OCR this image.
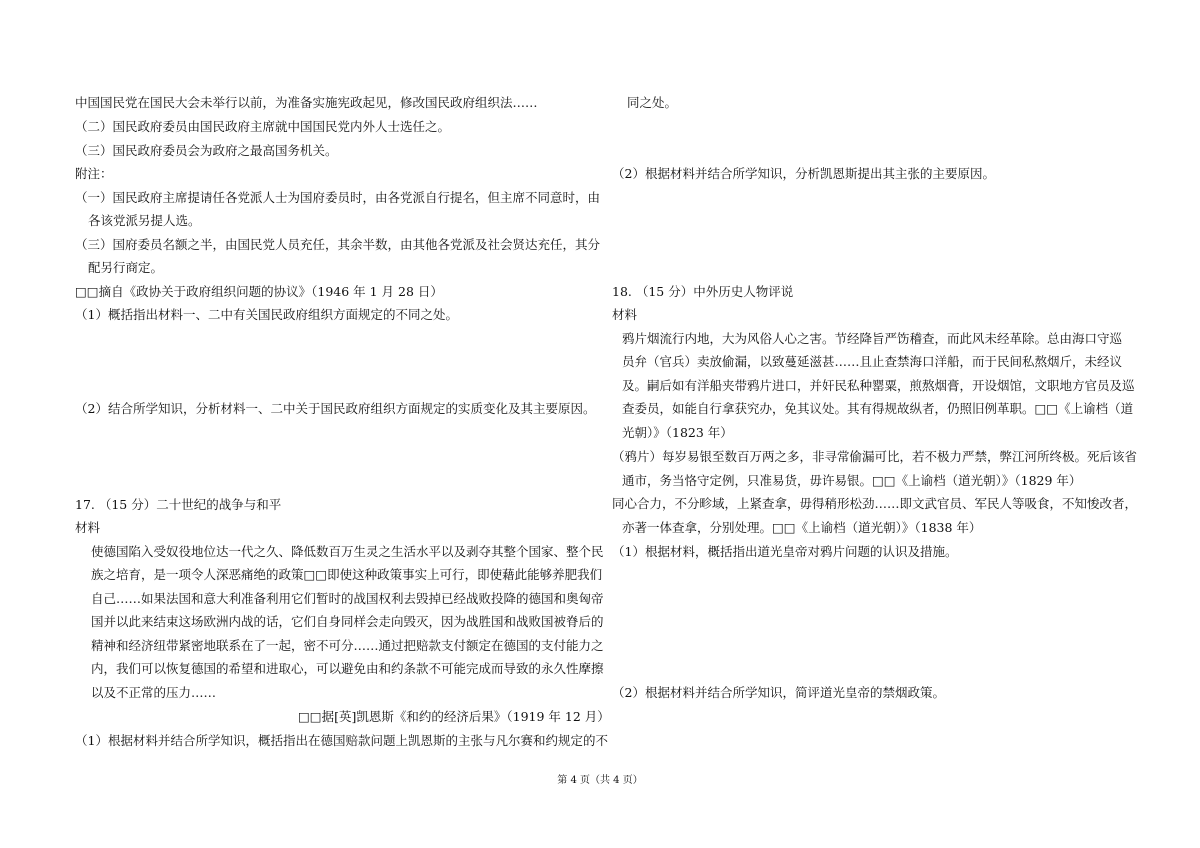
中国国民党在国民大会未举行以前，为准备实施宪政起见，修改国民政府组织法……
（二）国民政府委员由国民政府主席就中国国民党内外人士选任之。
（三）国民政府委员会为政府之最高国务机关。
附注：
（一）国民政府主席提请任各党派人士为国府委员时，由各党派自行提名，但主席不同意时，由
各该党派另提人选。
（三）国府委员名额之半，由国民党人员充任，其余半数，由其他各党派及社会贤达充任，其分
配另行商定。
□□摘自《政协关于政府组织问题的协议》（1946 年 1 月 28 日）
（1）概括指出材料一、二中有关国民政府组织方面规定的不同之处。
（2）结合所学知识，分析材料一、二中关于国民政府组织方面规定的实质变化及其主要原因。
17. （15 分）二十世纪的战争与和平
材料
使德国陷入受奴役地位达一代之久、降低数百万生灵之生活水平以及剥夺其整个国家、整个民
族之培育，是一项令人深恶痛绝的政策□□即使这种政策事实上可行，即使藉此能够养肥我们
自己……如果法国和意大利准备利用它们暂时的战国权利去毁掉已经战败投降的德国和奥匈帝
国并以此来结束这场欧洲内战的话，它们自身同样会走向毁灭，因为战胜国和战败国被脊后的
精神和经济纽带紧密地联系在了一起，密不可分……通过把赔款支付额定在德国的支付能力之
内，我们可以恢复德国的希望和进取心，可以避免由和约条款不可能完成而导致的永久性摩擦
以及不正常的压力……
□□据[英]凯恩斯《和约的经济后果》（1919 年 12 月）
（1）根据材料并结合所学知识，概括指出在德国赔款问题上凯恩斯的主张与凡尔赛和约规定的不
同之处。
（2）根据材料并结合所学知识，分析凯恩斯提出其主张的主要原因。
18. （15 分）中外历史人物评说
材料
鸦片烟流行内地，大为风俗人心之害。节经降旨严饬稽查，而此风未经革除。总由海口守巡
员弁（官兵）卖放偷漏，以致蔓延滋甚……且止查禁海口洋船，而于民间私熬烟斤，未经议
及。嗣后如有洋船夹带鸦片进口，并奸民私种罂粟，煎熬烟膏，开设烟馆，文职地方官员及巡
查委员，如能自行拿获究办，免其议处。其有得规故纵者，仍照旧例革职。□□《上谕档（道
光朝）》（1823 年）
（鸦片）每岁易银至数百万两之多，非寻常偷漏可比，若不极力严禁，弊江河所终极。死后该省
通市，务当恪守定例，只准易货，毋许易银。□□《上谕档（道光朝）》（1829 年）
同心合力，不分畛域，上紧查拿，毋得稍形松劲……即文武官员、军民人等吸食，不知悛改者，
亦著一体查拿，分别处理。□□《上谕档（道光朝）》（1838 年）
（1）根据材料，概括指出道光皇帝对鸦片问题的认识及措施。
（2）根据材料并结合所学知识，简评道光皇帝的禁烟政策。
第 4 页（共 4 页）
